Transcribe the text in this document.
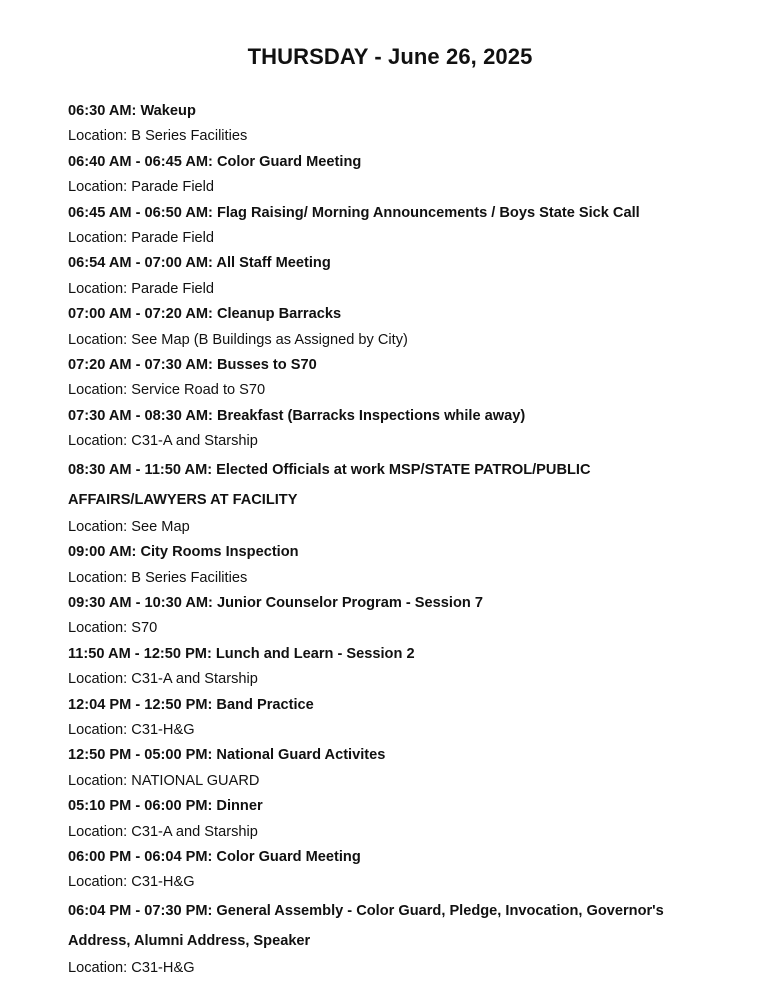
THURSDAY - June 26, 2025
06:30 AM: Wakeup
Location: B Series Facilities
06:40 AM - 06:45 AM: Color Guard Meeting
Location: Parade Field
06:45 AM - 06:50 AM: Flag Raising/ Morning Announcements / Boys State Sick Call
Location: Parade Field
06:54 AM - 07:00 AM: All Staff Meeting
Location: Parade Field
07:00 AM - 07:20 AM: Cleanup Barracks
Location: See Map (B Buildings as Assigned by City)
07:20 AM - 07:30 AM: Busses to S70
Location: Service Road to S70
07:30 AM - 08:30 AM: Breakfast (Barracks Inspections while away)
Location: C31-A and Starship
08:30 AM - 11:50 AM: Elected Officials at work MSP/STATE PATROL/PUBLIC
AFFAIRS/LAWYERS AT FACILITY
Location: See Map
09:00 AM: City Rooms Inspection
Location: B Series Facilities
09:30 AM - 10:30 AM: Junior Counselor Program - Session 7
Location: S70
11:50 AM - 12:50 PM: Lunch and Learn - Session 2
Location: C31-A and Starship
12:04 PM - 12:50 PM: Band Practice
Location: C31-H&G
12:50 PM - 05:00 PM: National Guard Activites
Location: NATIONAL GUARD
05:10 PM - 06:00 PM: Dinner
Location: C31-A and Starship
06:00 PM - 06:04 PM: Color Guard Meeting
Location: C31-H&G
06:04 PM - 07:30 PM: General Assembly - Color Guard, Pledge, Invocation, Governor's
Address, Alumni Address, Speaker
Location: C31-H&G
